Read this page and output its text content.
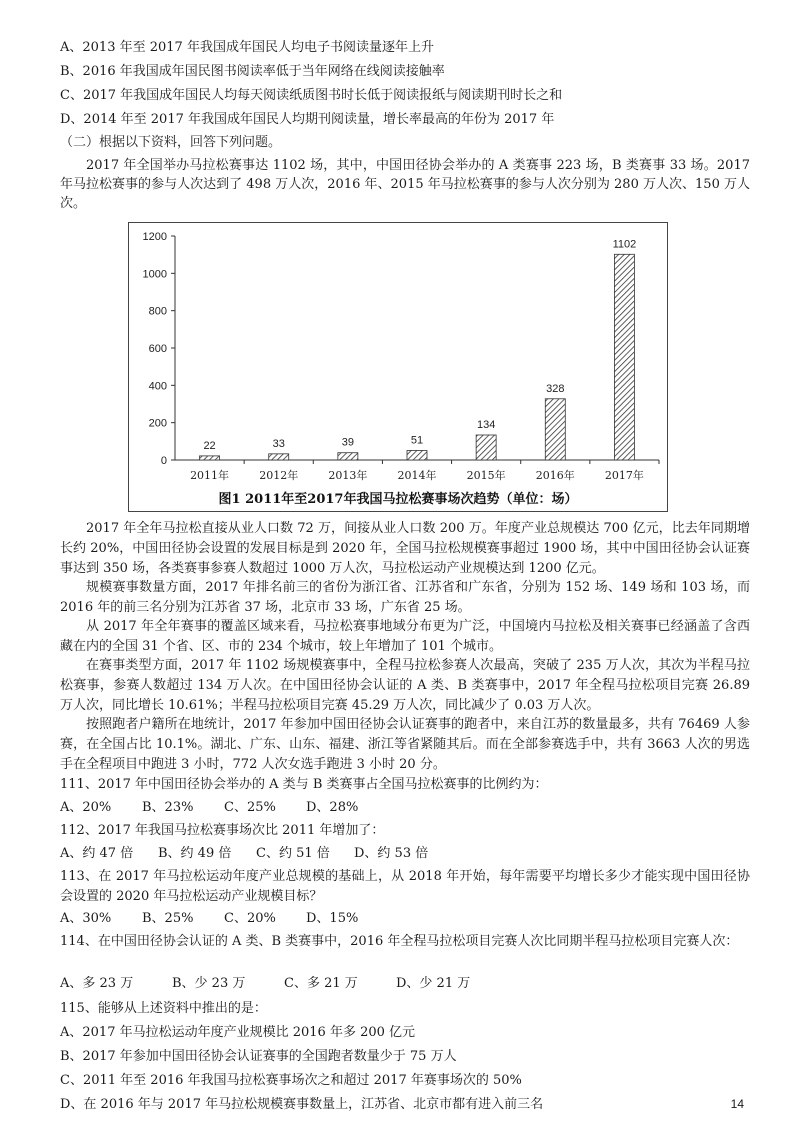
A、2013 年至 2017 年我国成年国民人均电子书阅读量逐年上升
B、2016 年我国成年国民图书阅读率低于当年网络在线阅读接触率
C、2017 年我国成年国民人均每天阅读纸质图书时长低于阅读报纸与阅读期刊时长之和
D、2014 年至 2017 年我国成年国民人均期刊阅读量，增长率最高的年份为 2017 年
（二）根据以下资料，回答下列问题。
2017 年全国举办马拉松赛事达 1102 场，其中，中国田径协会举办的 A 类赛事 223 场，B 类赛事 33 场。2017 年马拉松赛事的参与人次达到了 498 万人次，2016 年、2015 年马拉松赛事的参与人次分别为 280 万人次、150 万人次。
0
200
400
600
800
1000
1200
22
2011年
33
2012年
39
2013年
51
2014年
134
2015年
328
2016年
1102
2017年
图1 2011年至2017年我国马拉松赛事场次趋势（单位：场）
2017 年全年马拉松直接从业人口数 72 万，间接从业人口数 200 万。年度产业总规模达 700 亿元，比去年同期增长约 20%，中国田径协会设置的发展目标是到 2020 年，全国马拉松规模赛事超过 1900 场，其中中国田径协会认证赛事达到 350 场，各类赛事参赛人数超过 1000 万人次，马拉松运动产业规模达到 1200 亿元。
规模赛事数量方面，2017 年排名前三的省份为浙江省、江苏省和广东省，分别为 152 场、149 场和 103 场，而 2016 年的前三名分别为江苏省 37 场，北京市 33 场，广东省 25 场。
从 2017 年全年赛事的覆盖区域来看，马拉松赛事地域分布更为广泛，中国境内马拉松及相关赛事已经涵盖了含西藏在内的全国 31 个省、区、市的 234 个城市，较上年增加了 101 个城市。
在赛事类型方面，2017 年 1102 场规模赛事中，全程马拉松参赛人次最高，突破了 235 万人次，其次为半程马拉松赛事，参赛人数超过 134 万人次。在中国田径协会认证的 A 类、B 类赛事中，2017 年全程马拉松项目完赛 26.89 万人次，同比增长 10.61%；半程马拉松项目完赛 45.29 万人次，同比减少了 0.03 万人次。
按照跑者户籍所在地统计，2017 年参加中国田径协会认证赛事的跑者中，来自江苏的数量最多，共有 76469 人参赛，在全国占比 10.1%。湖北、广东、山东、福建、浙江等省紧随其后。而在全部参赛选手中，共有 3663 人次的男选手在全程项目中跑进 3 小时，772 人次女选手跑进 3 小时 20 分。
111、2017 年中国田径协会举办的 A 类与 B 类赛事占全国马拉松赛事的比例约为：
A、20% B、23% C、25% D、28%
112、2017 年我国马拉松赛事场次比 2011 年增加了：
A、约 47 倍 B、约 49 倍 C、约 51 倍 D、约 53 倍
113、在 2017 年马拉松运动年度产业总规模的基础上，从 2018 年开始，每年需要平均增长多少才能实现中国田径协会设置的 2020 年马拉松运动产业规模目标？
A、30% B、25% C、20% D、15%
114、在中国田径协会认证的 A 类、B 类赛事中，2016 年全程马拉松项目完赛人次比同期半程马拉松项目完赛人次：
A、多 23 万	B、少 23 万	C、多 21 万	D、少 21 万
115、能够从上述资料中推出的是：
A、2017 年马拉松运动年度产业规模比 2016 年多 200 亿元
B、2017 年参加中国田径协会认证赛事的全国跑者数量少于 75 万人
C、2011 年至 2016 年我国马拉松赛事场次之和超过 2017 年赛事场次的 50%
D、在 2016 年与 2017 年马拉松规模赛事数量上，江苏省、北京市都有进入前三名	14
